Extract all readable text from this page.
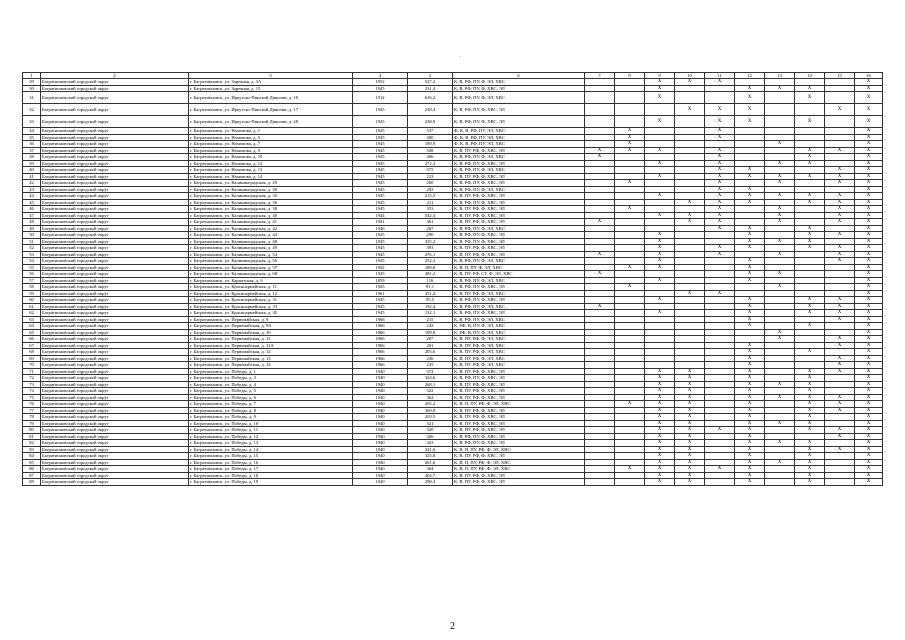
.
1	2	3	4	5	6	7	8	9	10	11	12	13	14	15	16
29	Багратионовский городской округ	г. Багратионовск, ул. Заречная, д. 3А	1952	527,2	К, В, РФ, ПУ, Ф, ЭЛ, ХВС			X	X	X					X
30	Багратионовский городской округ	г. Багратионовск, ул. Заречная, д. 15	1945	231,4	К, В, РФ, ПУ, Ф, ХВС, ЭЛ			X			X	X	X		X
31	Багратионовский городской округ	г. Багратионовск, ул. Иркутско-Пинской Дивизии, д. 10	1912	616,2	К, В, РФ, ПУ, Ф, ЭЛ, ХВС			X			X		X		X
32	Багратионовский городской округ	г. Багратионовск, ул. Иркутско-Пинской Дивизии, д. 17	1945	238,4	К, В, РФ, ПУ, Ф, ХВС, ЭЛ				X	X	X			X	X
33	Багратионовский городской округ	г. Багратионовск, ул. Иркутско-Пинской Дивизии, д. 28	1945	230,9	К, В, РФ, ПУ, Ф, ХВС, ЭЛ			X		X	X		X		X
34	Багратионовский городской округ	г. Багратионовск, ул. Нахимова, д. 1	1945	537	Ф, К, В, РФ, ПУ, ЭЛ, ХВС		X			X					X
35	Багратионовский городской округ	г. Багратионовск, ул. Нахимова, д. 5	1945	300	Ф, К, В, РФ, ПУ, ЭЛ, ХВС		X			X					X
36	Багратионовский городской округ	г. Багратионовск, ул. Нахимова, д. 7	1945	189,9	Ф, К, В, РФ, ПУ, ЭЛ, ХВС		X					X			X
37	Багратионовский городской округ	г. Багратионовск, ул. Нахимова, д. 9	1945	528	К, В, ПУ, РФ, Ф, ХВС, ЭЛ	X	X	X		X			X	X	X
38	Багратионовский городской округ	г. Багратионовск, ул. Нахимова, д. 10	1945	406	К, В, РФ, ПУ, Ф, ЭЛ, ХВС	X				X			X		X
39	Багратионовский городской округ	г. Багратионовск, ул. Нахимова, д. 12	1945	272,3	К, В, РФ, ПУ, Ф, ХВС, ЭЛ			X		X		X	X		X
40	Багратионовский городской округ	г. Багратионовск, ул. Нахимова, д. 13	1945	375	К, В, РФ, ПУ, Ф, ЭЛ, ХВС					X	X			X	X
41	Багратионовский городской округ	г. Багратионовск, ул. Нахимова, д. 14	1945	223	К, В, ПУ, РФ, Ф, ХВС, ЭЛ			X		X	X	X	X	X	X
42	Багратионовский городской округ	г. Багратионовск, ул. Калининградская, д. 29	1945	260	К, В, РФ, ПУ, Ф, ХВС, ЭЛ		X			X		X		X	X
43	Багратионовский городской округ	г. Багратионовск, ул. Калининградская, д. 30	1945	293	К, В, РФ, ПУ, Ф, ЭЛ, ХВС					X	X				X
44	Багратионовский городской округ	г. Багратионовск, ул. Калининградская, д. 32	1945	215,5	К, В, ПУ, РФ, Ф, ХВС, ЭЛ			X		X	X	X	X	X	X
45	Багратионовский городской округ	г. Багратионовск, ул. Калининградская, д. 36	1945	211	К, В, РФ, ПУ, Ф, ХВС, ЭЛ				X	X	X		X	X	X
46	Багратионовский городской округ	г. Багратионовск, ул. Калининградская, д. 38	1945	353	К, В, ПУ, РФ, Ф, ХВС, ЭЛ		X			X		X		X	X
47	Багратионовский городской округ	г. Багратионовск, ул. Калининградская, д. 40	1944	542,3	К, В, ПУ, РФ, Ф, ХВС, ЭЛ			X	X	X		X		X	X
48	Багратионовский городской округ	г. Багратионовск, ул. Калининградская, д. 41	1941	461	К, В, ПУ, РФ, Ф, ХВС, ЭЛ	X			X	X		X		X	X
49	Багратионовский городской округ	г. Багратионовск, ул. Калининградская, д. 42	1946	267	К, В, РФ, ПУ, Ф, ЭЛ, ХВС					X	X		X		X
50	Багратионовский городской округ	г. Багратионовск, ул. Калининградская, д. 44	1945	290	К, В, РФ, ПУ, Ф, ХВС, ЭЛ			X			X		X	X	X
51	Багратионовский городской округ	г. Багратионовск, ул. Калининградская, д. 48	1945	335,2	К, В, РФ, ПУ, Ф, ХВС, ЭЛ			X			X	X	X		X
52	Багратионовский городской округ	г. Багратионовск, ул. Калининградская, д. 49	1945	393	К, В, ПУ, РФ, Ф, ХВС, ЭЛ			X		X	X		X	X	X
53	Багратионовский городской округ	г. Багратионовск, ул. Калининградская, д. 54	1945	276,1	К, В, ПУ, РФ, Ф, ХВС, ЭЛ	X		X		X		X		X	X
54	Багратионовский городской округ	г. Багратионовск, ул. Калининградская, д. 56	1945	252,3	К, В, РФ, ПУ, Ф, ЭЛ, ХВС			X			X			X	X
55	Багратионовский городской округ	г. Багратионовск, ул. Калининградская, д. 57	1922	189,8	К, В, П, ПУ, Ф, ЭЛ, ХВС		X	X			X				X
56	Багратионовский городской округ	г. Багратионовск, ул. Калининградская, д. 68	1945	481,2	К, В, ПУ, РФ, СТ, Ф, ЭЛ, ХВС	X					X	X			X
57	Багратионовский городской округ	г. Багратионовск, ул. Карпатская, д. 6	1859	116	К, В, РФ, ПУ, Ф, ЭЛ, ХВС			X			X				X
58	Багратионовский городской округ	г. Багратионовск, ул. Красноармейская, д. 11	1945	91,1	К, В, РФ, ПУ, Ф, ХВС, ЭЛ		X					X			X
59	Багратионовский городской округ	г. Багратионовск, ул. Красноармейская, д. 12	1961	451,2	К, В, ПУ, РФ, Ф, ЭЛ, ХВС				X	X					X
60	Багратионовский городской округ	г. Багратионовск, ул. Красноармейская, д. 31	1945	95,5	К, В, РФ, ПУ, Ф, ХВС, ЭЛ			X			X		X	X	X
61	Багратионовский городской округ	г. Багратионовск, ул. Красноармейская, д. 33	1945	192,4	К, В, РФ, ПУ, Ф, ЭЛ, ХВС	X					X		X	X	X
62	Багратионовский городской округ	г. Багратионовск, ул. Красноармейская, д. 45	1945	132,1	К, В, РФ, ПУ, Ф, ХВС, ЭЛ			X			X		X	X	X
63	Багратионовский городской округ	г. Багратионовск, ул. Первомайская, д. 9	1966	215	К, В, РФ, ПУ, Ф, ЭЛ, ХВС						X			X	X
64	Багратионовский городской округ	г. Багратионовск, ул. Первомайская, д. 9А	1966	243	К, РФ, В, ПУ, Ф, ЭЛ, ХВС						X		X		X
65	Багратионовский городской округ	г. Багратионовск, ул. Первомайская, д. 10	1966	199,8	К, РФ, В, ПУ, Ф, ЭЛ, ХВС							X			X
66	Багратионовский городской округ	г. Багратионовск, ул. Первомайская, д. 11	1966	207	К, В, ПУ, РФ, Ф, ЭЛ, ХВС							X		X	X
67	Багратионовский городской округ	г. Багратионовск, ул. Первомайская, д. 11А	1966	201	К, В, ПУ, РФ, Ф, ЭЛ, ХВС						X			X	X
68	Багратионовский городской округ	г. Багратионовск, ул. Первомайская, д. 12	1966	205,6	К, В, ПУ, РФ, Ф, ЭЛ, ХВС						X		X		X
69	Багратионовский городской округ	г. Багратионовск, ул. Первомайская, д. 13	1966	236	К, В, ПУ, РФ, Ф, ЭЛ, ХВС						X			X	X
70	Багратионовский городской округ	г. Багратионовск, ул. Первомайская, д. 14	1966	235	К, В, ПУ, РФ, Ф, ЭЛ, ХВС						X			X	X
71	Багратионовский городской округ	г. Багратионовск, ул. Победы, д. 1	1940	372	К, В, ПУ, РФ, Ф, ХВС, ЭЛ			X	X		X		X	X	X
72	Багратионовский городской округ	г. Багратионовск, ул. Победы, д. 3	1940	324,6	К, В, РФ, ПУ, Ф, ХВС, ЭЛ			X	X		X		X		X
73	Багратионовский городской округ	г. Багратионовск, ул. Победы, д. 4	1940	268,1	К, В, ПУ, РФ, Ф, ХВС, ЭЛ			X	X		X	X	X		X
74	Багратионовский городской округ	г. Багратионовск, ул. Победы, д. 5	1940	322	К, В, ПУ, РФ, Ф, ХВС, ЭЛ			X	X		X		X		X
75	Багратионовский городской округ	г. Багратионовск, ул. Победы, д. 6	1940	362	К, В, ПУ, РФ, Ф, ХВС, ЭЛ			X	X		X	X	X	X	X
76	Багратионовский городской округ	г. Багратионовск, ул. Победы, д. 7	1940	205,2	К, В, П, ПУ, РФ, Ф, ЭЛ, ХВС		X	X	X		X		X	X	X
77	Багратионовский городской округ	г. Багратионовск, ул. Победы, д. 8	1940	369,8	К, В, ПУ, РФ, Ф, ХВС, ЭЛ			X	X		X		X	X	X
78	Багратионовский городской округ	г. Багратионовск, ул. Победы, д. 9	1940	203,5	К, В, ПУ, РФ, Ф, ХВС, ЭЛ			X	X		X		X		X
79	Багратионовский городской округ	г. Багратионовск, ул. Победы, д. 10	1940	321	К, В, ПУ, РФ, Ф, ХВС, ЭЛ			X	X		X	X	X		X
80	Багратионовский городской округ	г. Багратионовск, ул. Победы, д. 11	1940	320	К, В, ПУ, РФ, Ф, ХВС, ЭЛ			X	X	X	X		X	X	X
81	Багратионовский городской округ	г. Багратионовск, ул. Победы, д. 12	1940	326	К, В, РФ, ПУ, Ф, ХВС, ЭЛ			X	X		X			X	X
82	Багратионовский городской округ	г. Багратионовск, ул. Победы, д. 13	1940	323	К, В, РФ, ПУ, Ф, ХВС, ЭЛ			X	X		X	X	X		X
83	Багратионовский городской округ	г. Багратионовск, ул. Победы, д. 14	1940	321,6	К, В, П, ПУ, РФ, Ф, ЭЛ, ХВС			X	X		X		X	X	X
84	Багратионовский городской округ	г. Багратионовск, ул. Победы, д. 15	1940	325,8	К, В, ПУ, РФ, Ф, ХВС, ЭЛ			X	X		X		X		X
85	Багратионовский городской округ	г. Багратионовск, ул. Победы, д. 16	1940	261,6	К, В, П, ПУ, РФ, Ф, ЭЛ, ХВС			X	X		X	X	X		X
86	Багратионовский городской округ	г. Багратионовск, ул. Победы, д. 17	1940	364	К, В, П, ПУ, РФ, Ф, ЭЛ, ХВС		X	X	X	X	X		X		X
87	Багратионовский городской округ	г. Багратионовск, ул. Победы, д. 18	1940	404,7	К, В, ПУ, РФ, Ф, ХВС, ЭЛ			X	X		X		X		X
88	Багратионовский городской округ	г. Багратионовск, ул. Победы, д. 19	1940	290,4	К, В, ПУ, РФ, Ф, ХВС, ЭЛ			X	X		X		X		X
2
